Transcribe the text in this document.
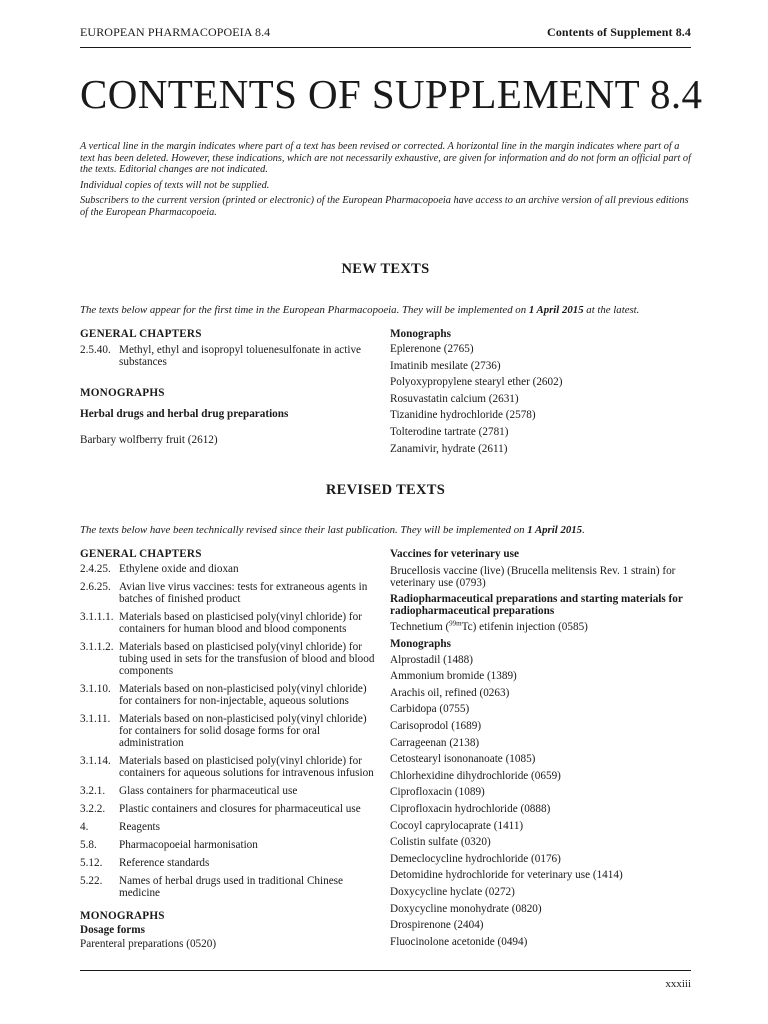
EUROPEAN PHARMACOPOEIA 8.4	Contents of Supplement 8.4
CONTENTS OF SUPPLEMENT 8.4

A vertical line in the margin indicates where part of a text has been revised or corrected. A horizontal line in the margin indicates where part of a text has been deleted. However, these indications, which are not necessarily exhaustive, are given for information and do not form an official part of the texts. Editorial changes are not indicated.

Individual copies of texts will not be supplied.

Subscribers to the current version (printed or electronic) of the European Pharmacopoeia have access to an archive version of all previous editions of the European Pharmacopoeia.

NEW TEXTS
The texts below appear for the first time in the European Pharmacopoeia. They will be implemented on 1 April 2015 at the latest.
GENERAL CHAPTERS
2.5.40. Methyl, ethyl and isopropyl toluenesulfonate in active substances
MONOGRAPHS
Herbal drugs and herbal drug preparations
Barbary wolfberry fruit (2612)
Monographs
Eplerenone (2765)
Imatinib mesilate (2736)
Polyoxypropylene stearyl ether (2602)
Rosuvastatin calcium (2631)
Tizanidine hydrochloride (2578)
Tolterodine tartrate (2781)
Zanamivir, hydrate (2611)
REVISED TEXTS
The texts below have been technically revised since their last publication. They will be implemented on 1 April 2015.
GENERAL CHAPTERS
2.4.25. Ethylene oxide and dioxan
2.6.25. Avian live virus vaccines: tests for extraneous agents in batches of finished product
3.1.1.1. Materials based on plasticised poly(vinyl chloride) for containers for human blood and blood components
3.1.1.2. Materials based on plasticised poly(vinyl chloride) for tubing used in sets for the transfusion of blood and blood components
3.1.10. Materials based on non-plasticised poly(vinyl chloride) for containers for non-injectable, aqueous solutions
3.1.11. Materials based on non-plasticised poly(vinyl chloride) for containers for solid dosage forms for oral administration
3.1.14. Materials based on plasticised poly(vinyl chloride) for containers for aqueous solutions for intravenous infusion
3.2.1.	Glass containers for pharmaceutical use
3.2.2.	Plastic containers and closures for pharmaceutical use
4.	Reagents
5.8.	Pharmacopoeial harmonisation
5.12.	Reference standards
5.22.	Names of herbal drugs used in traditional Chinese medicine
MONOGRAPHS
Dosage forms
Parenteral preparations (0520)
Vaccines for veterinary use
Brucellosis vaccine (live) (Brucella melitensis Rev. 1 strain) for veterinary use (0793)
Radiopharmaceutical preparations and starting materials for radiopharmaceutical preparations
Technetium ($^{99m}$Tc) etifenin injection (0585)
Monographs
Alprostadil (1488)
Ammonium bromide (1389)
Arachis oil, refined (0263)
Carbidopa (0755)
Carisoprodol (1689)
Carrageenan (2138)
Cetostearyl isononanoate (1085)
Chlorhexidine dihydrochloride (0659)
Ciprofloxacin (1089)
Ciprofloxacin hydrochloride (0888)
Cocoyl caprylocaprate (1411)
Colistin sulfate (0320)
Demeclocycline hydrochloride (0176)
Detomidine hydrochloride for veterinary use (1414)
Doxycycline hyclate (0272)
Doxycycline monohydrate (0820)
Drospirenone (2404)
Fluocinolone acetonide (0494)
xxxiii
